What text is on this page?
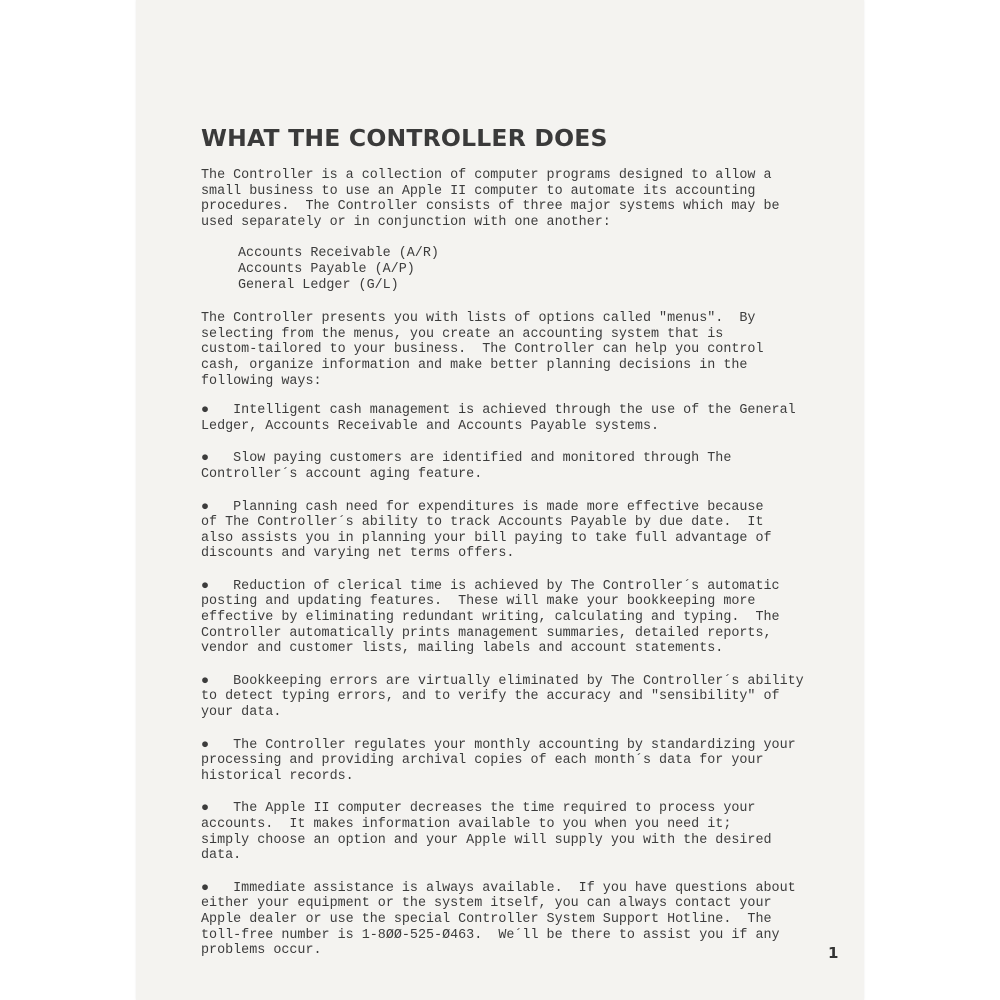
WHAT THE CONTROLLER DOES

The Controller is a collection of computer programs designed to allow a
small business to use an Apple II computer to automate its accounting
procedures.  The Controller consists of three major systems which may be
used separately or in conjunction with one another:

Accounts Receivable (A/R)
Accounts Payable (A/P)
General Ledger (G/L)

The Controller presents you with lists of options called "menus".  By
selecting from the menus, you create an accounting system that is
custom-tailored to your business.  The Controller can help you control
cash, organize information and make better planning decisions in the
following ways:

●   Intelligent cash management is achieved through the use of the General
Ledger, Accounts Receivable and Accounts Payable systems.

●   Slow paying customers are identified and monitored through The
Controller´s account aging feature.

●   Planning cash need for expenditures is made more effective because
of The Controller´s ability to track Accounts Payable by due date.  It
also assists you in planning your bill paying to take full advantage of
discounts and varying net terms offers.

●   Reduction of clerical time is achieved by The Controller´s automatic
posting and updating features.  These will make your bookkeeping more
effective by eliminating redundant writing, calculating and typing.  The
Controller automatically prints management summaries, detailed reports,
vendor and customer lists, mailing labels and account statements.

●   Bookkeeping errors are virtually eliminated by The Controller´s ability
to detect typing errors, and to verify the accuracy and "sensibility" of
your data.

●   The Controller regulates your monthly accounting by standardizing your
processing and providing archival copies of each month´s data for your
historical records.

●   The Apple II computer decreases the time required to process your
accounts.  It makes information available to you when you need it;
simply choose an option and your Apple will supply you with the desired
data.

●   Immediate assistance is always available.  If you have questions about
either your equipment or the system itself, you can always contact your
Apple dealer or use the special Controller System Support Hotline.  The
toll-free number is 1-8ØØ-525-Ø463.  We´ll be there to assist you if any
problems occur.	1
